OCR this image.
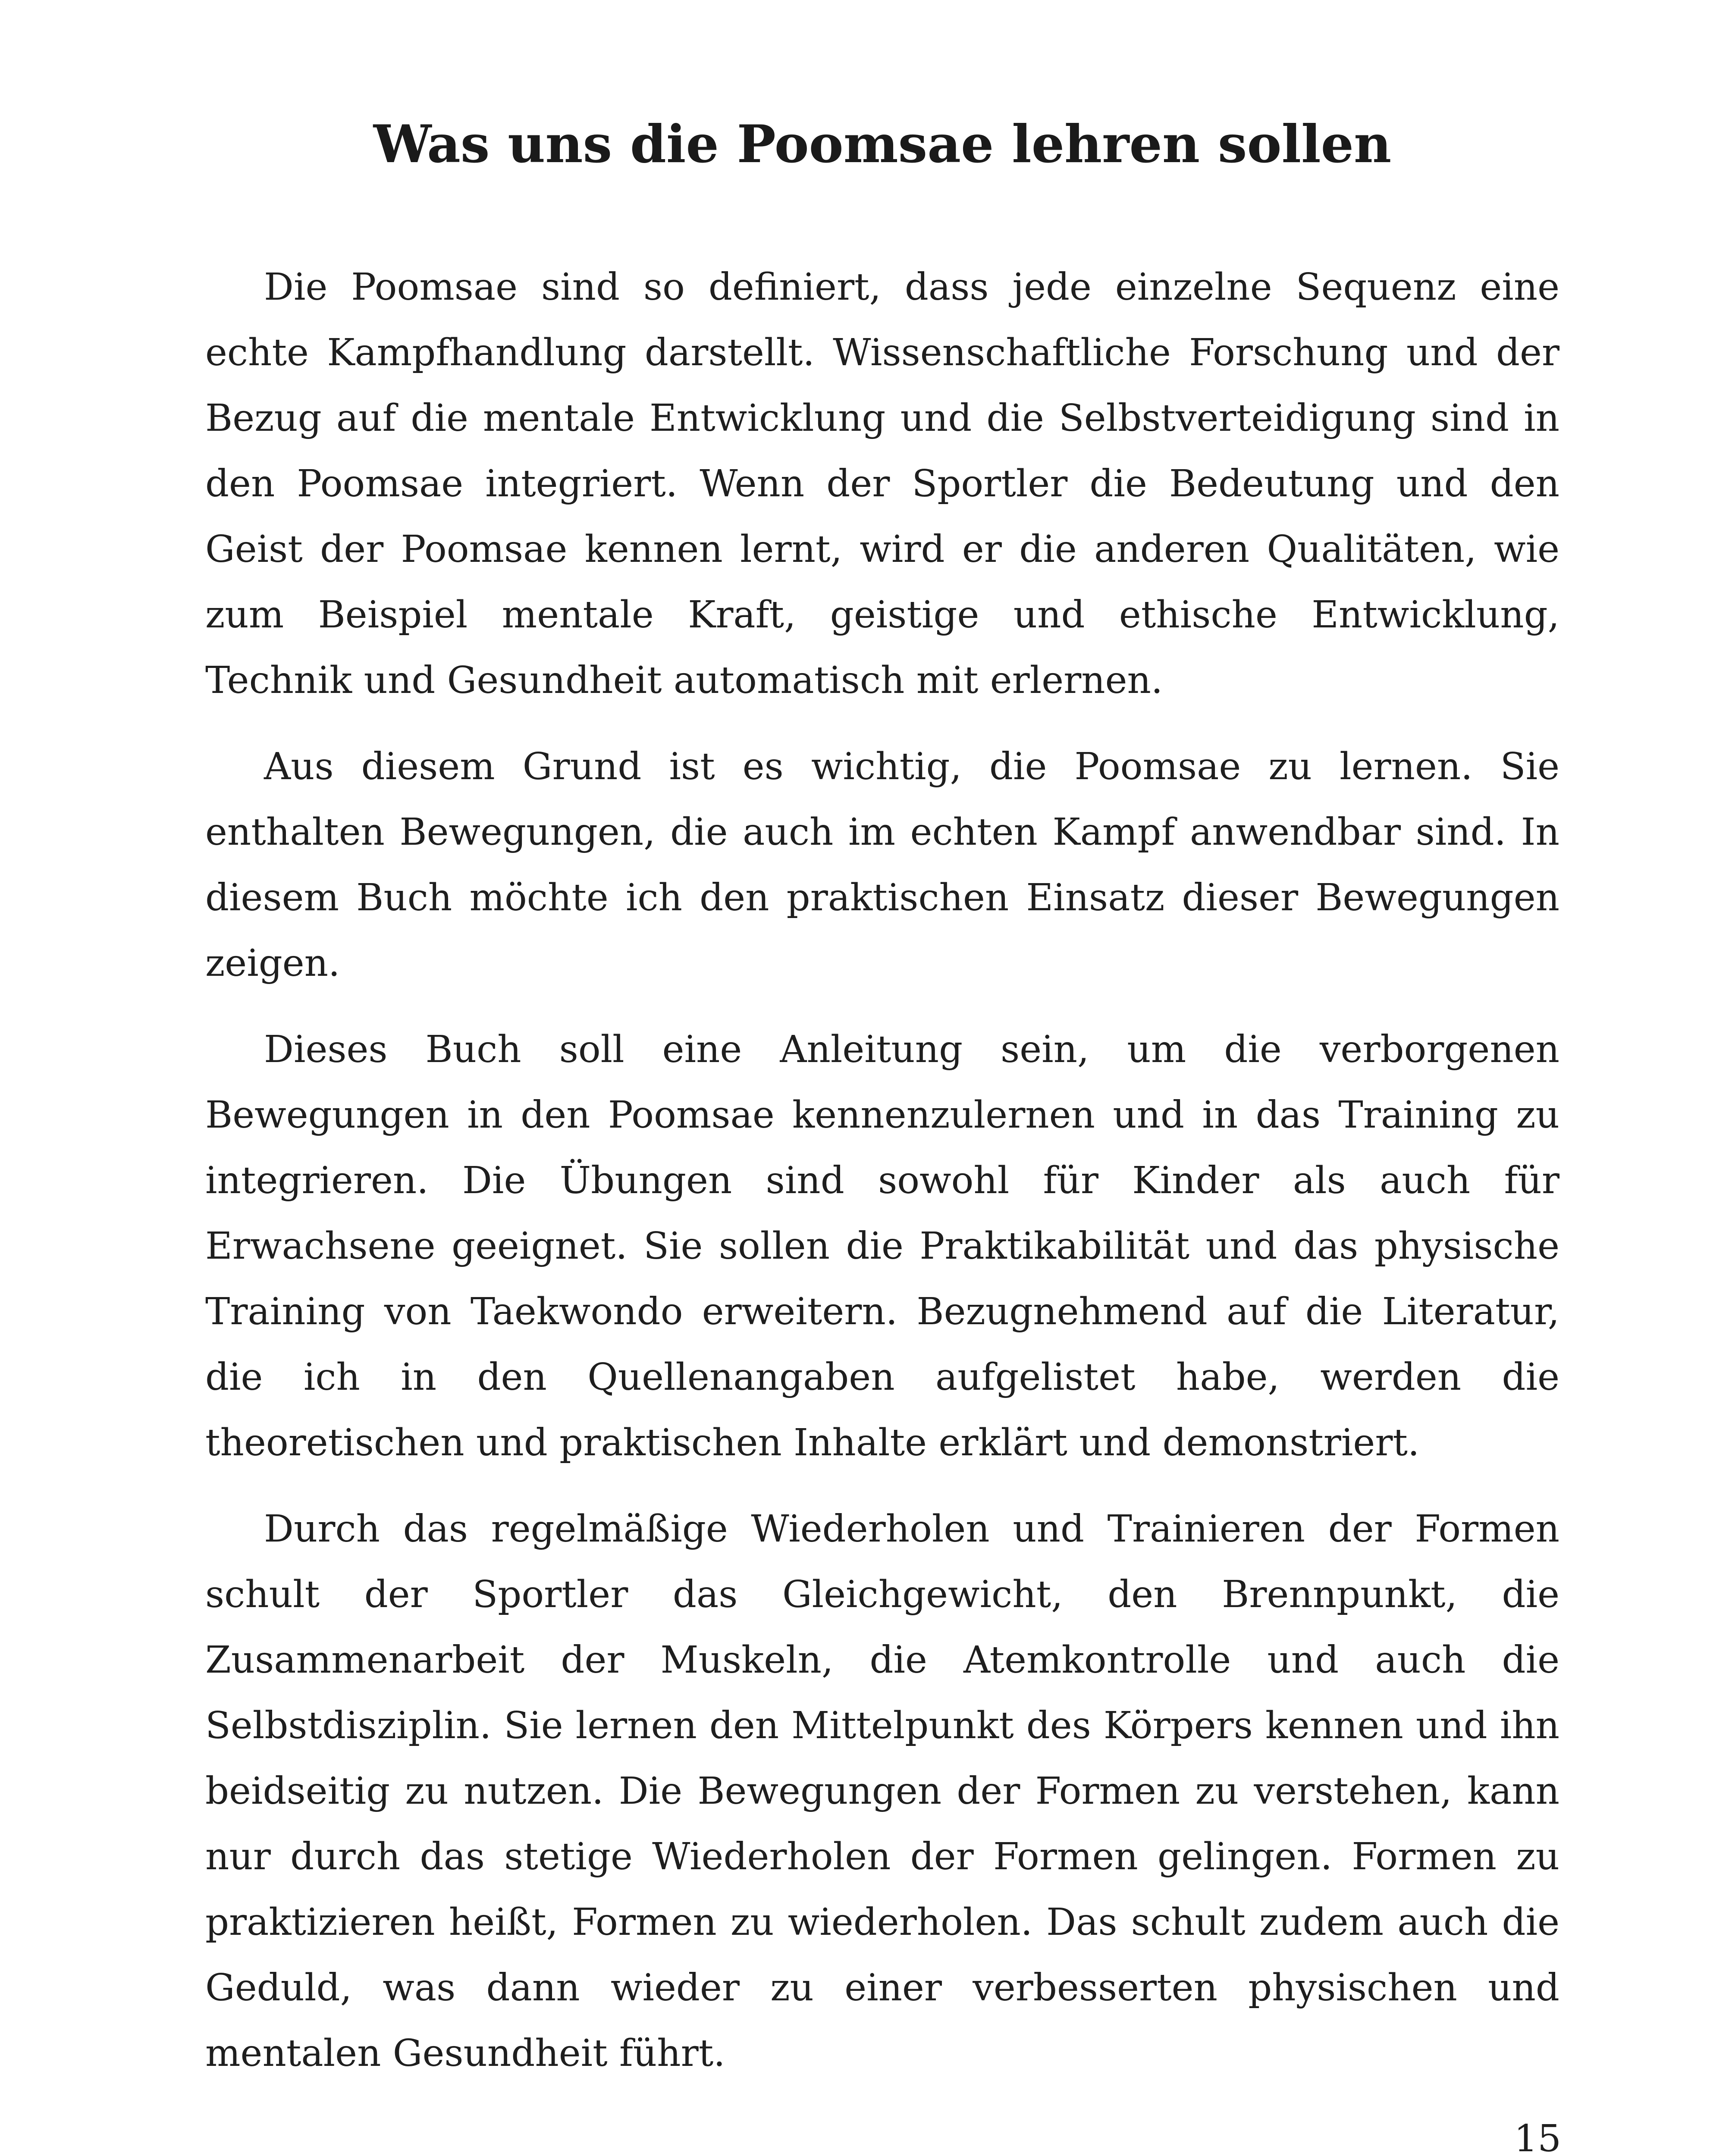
Was uns die Poomsae lehren sollen

Die Poomsae sind so definiert, dass jede einzelne Sequenz eine echte Kampfhandlung darstellt. Wissenschaftliche Forschung und der Bezug auf die mentale Entwicklung und die Selbstverteidigung sind in den Poomsae integriert. Wenn der Sportler die Bedeutung und den Geist der Poomsae kennen lernt, wird er die anderen Qualitäten, wie zum Beispiel mentale Kraft, geistige und ethische Entwicklung, Technik und Gesundheit automatisch mit erlernen.

Aus diesem Grund ist es wichtig, die Poomsae zu lernen. Sie enthalten Bewegungen, die auch im echten Kampf anwendbar sind. In diesem Buch möchte ich den praktischen Einsatz dieser Bewegungen zeigen.

Dieses Buch soll eine Anleitung sein, um die verborgenen Bewegungen in den Poomsae kennenzulernen und in das Training zu integrieren. Die Übungen sind sowohl für Kinder als auch für Erwachsene geeignet. Sie sollen die Praktikabilität und das physische Training von Taekwondo erweitern. Bezugnehmend auf die Literatur, die ich in den Quellenangaben aufgelistet habe, werden die theoretischen und praktischen Inhalte erklärt und demonstriert.

Durch das regelmäßige Wiederholen und Trainieren der Formen schult der Sportler das Gleichgewicht, den Brennpunkt, die Zusammenarbeit der Muskeln, die Atemkontrolle und auch die Selbstdisziplin. Sie lernen den Mittelpunkt des Körpers kennen und ihn beidseitig zu nutzen. Die Bewegungen der Formen zu verstehen, kann nur durch das stetige Wiederholen der Formen gelingen. Formen zu praktizieren heißt, Formen zu wiederholen. Das schult zudem auch die Geduld, was dann wieder zu einer verbesserten physischen und mentalen Gesundheit führt.

15
